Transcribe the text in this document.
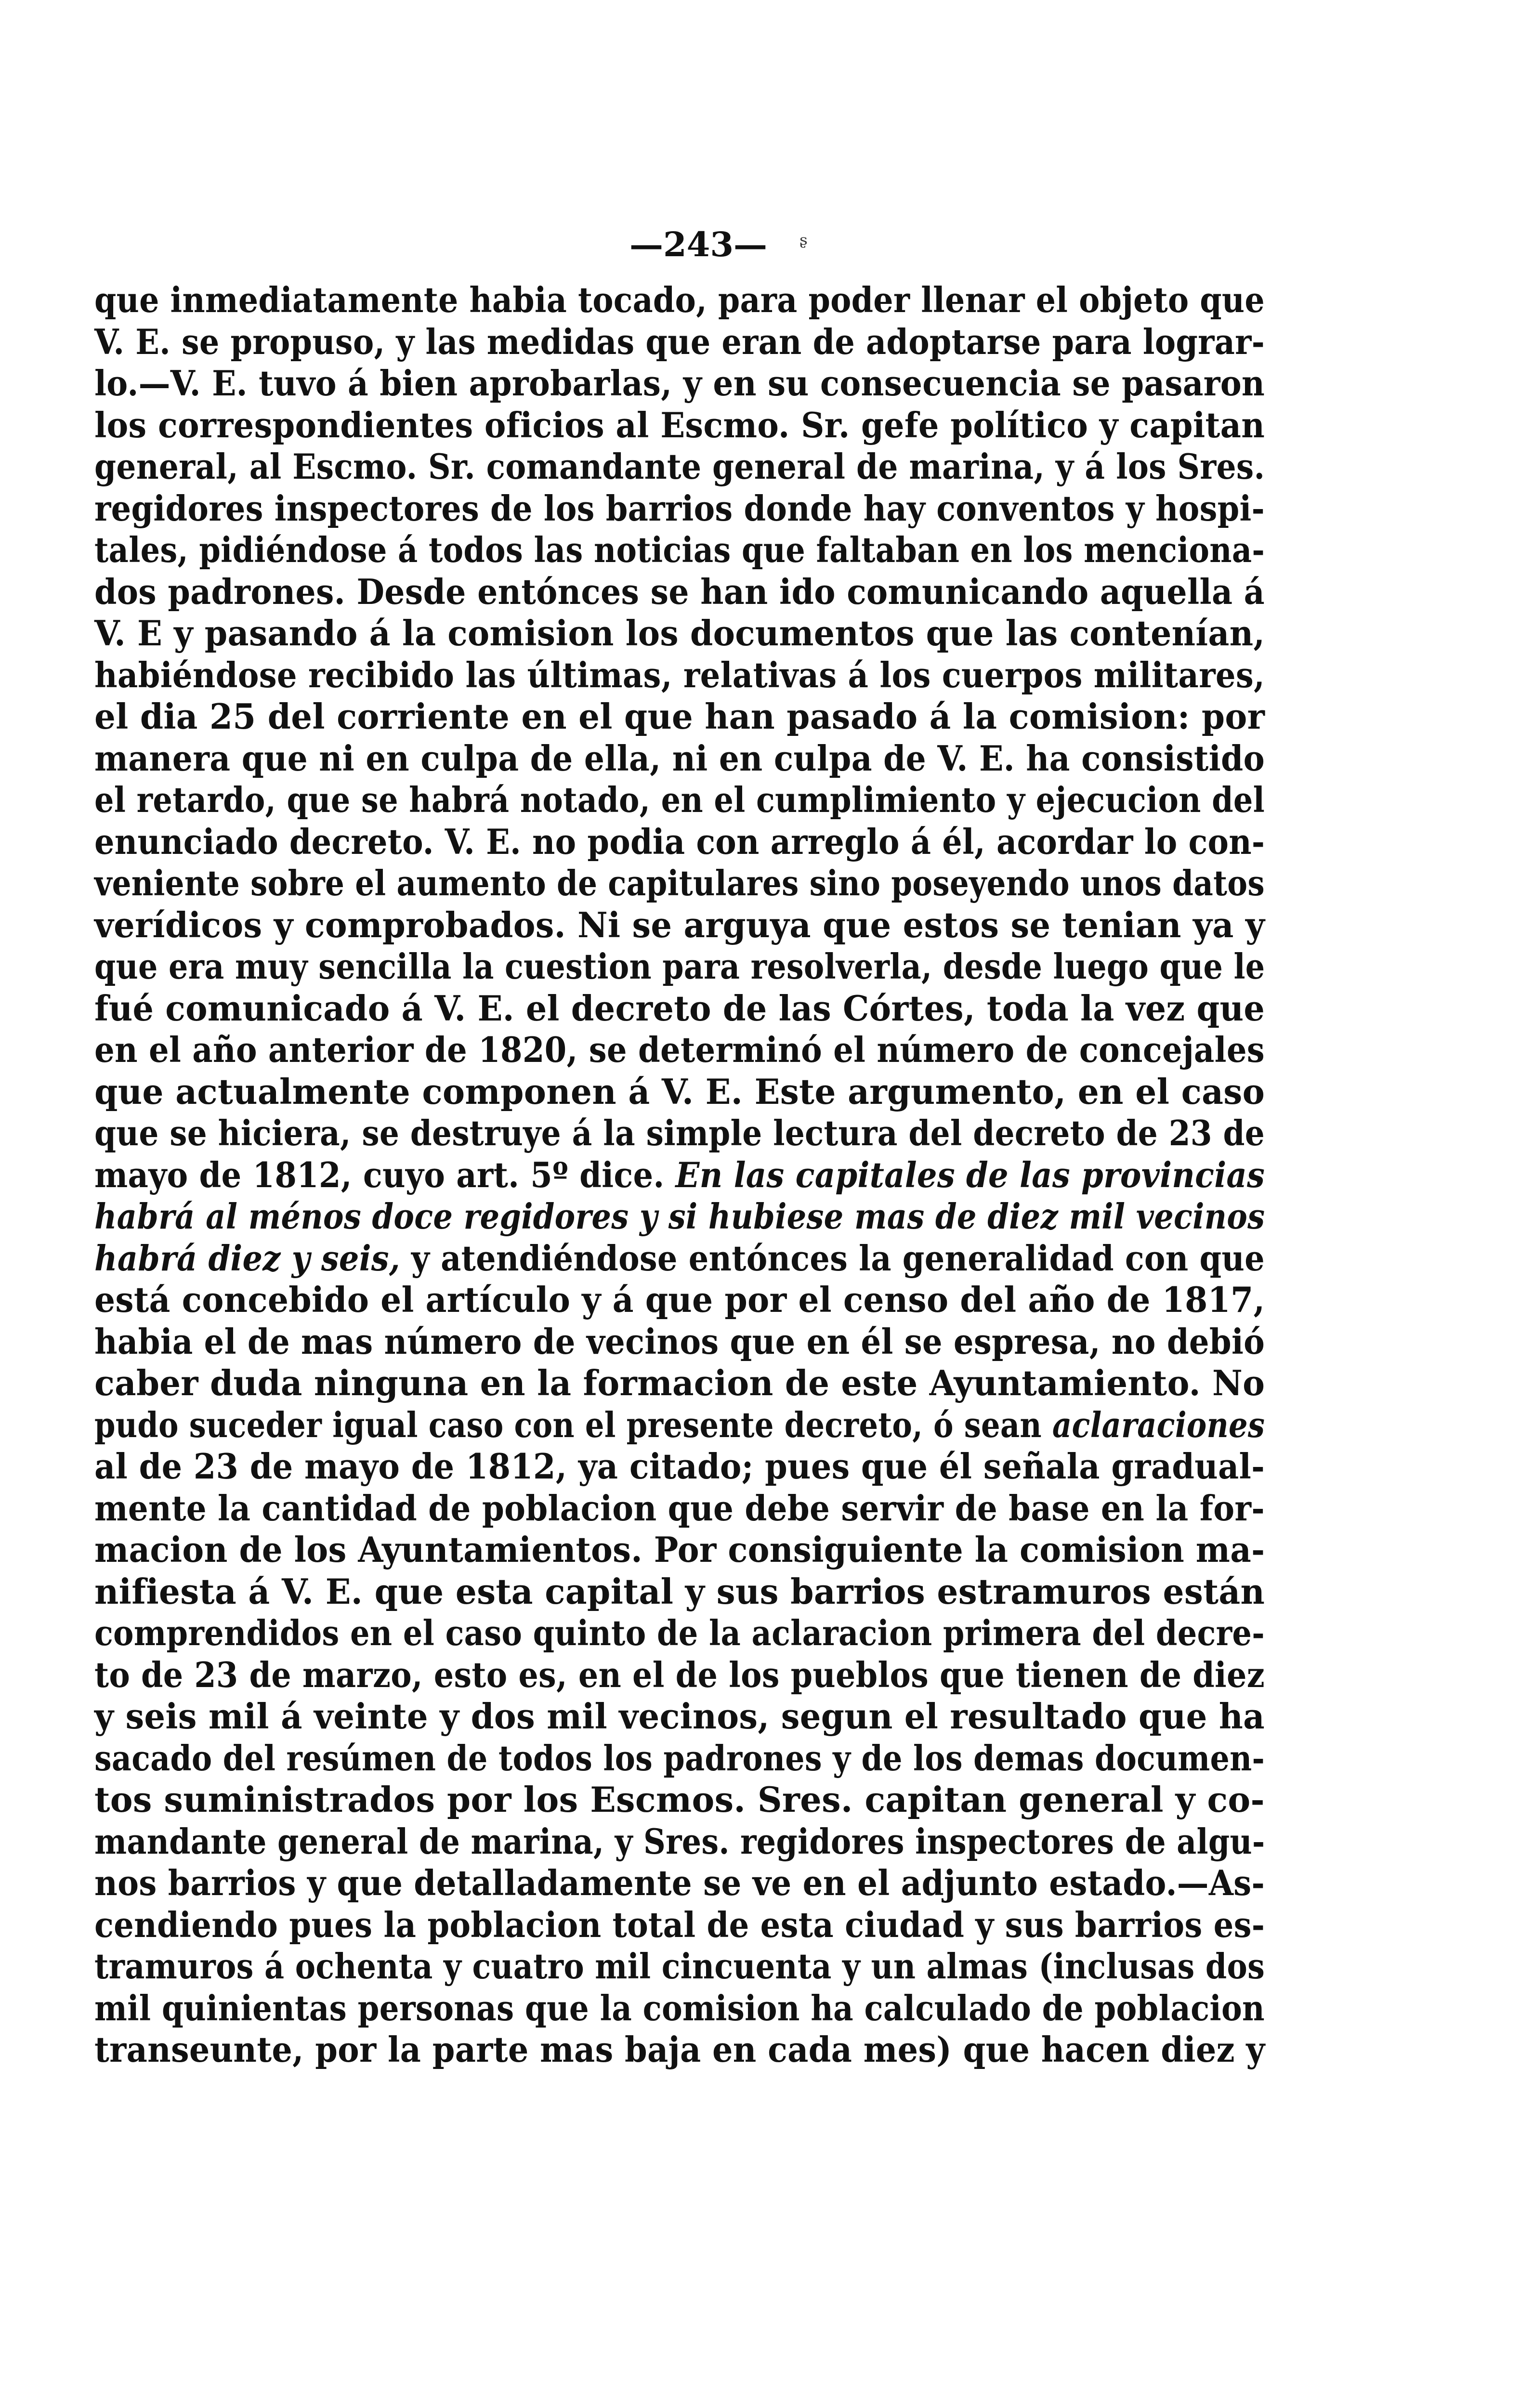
—243—
que inmediatamente habia tocado, para poder llenar el objeto que
V. E. se propuso, y las medidas que eran de adoptarse para lograr-
lo.—V. E. tuvo á bien aprobarlas, y en su consecuencia se pasaron
los correspondientes oficios al Escmo. Sr. gefe político y capitan
general, al Escmo. Sr. comandante general de marina, y á los Sres.
regidores inspectores de los barrios donde hay conventos y hospi-
tales, pidiéndose á todos las noticias que faltaban en los menciona-
dos padrones. Desde entónces se han ido comunicando aquella á
V. E y pasando á la comision los documentos que las contenían,
habiéndose recibido las últimas, relativas á los cuerpos militares,
el dia 25 del corriente en el que han pasado á la comision: por
manera que ni en culpa de ella, ni en culpa de V. E. ha consistido
el retardo, que se habrá notado, en el cumplimiento y ejecucion del
enunciado decreto. V. E. no podia con arreglo á él, acordar lo con-
veniente sobre el aumento de capitulares sino poseyendo unos datos
verídicos y comprobados. Ni se arguya que estos se tenian ya y
que era muy sencilla la cuestion para resolverla, desde luego que le
fué comunicado á V. E. el decreto de las Córtes, toda la vez que
en el año anterior de 1820, se determinó el número de concejales
que actualmente componen á V. E. Este argumento, en el caso
que se hiciera, se destruye á la simple lectura del decreto de 23 de
mayo de 1812, cuyo art. 5º dice. En las capitales de las provincias
habrá al ménos doce regidores y si hubiese mas de diez mil vecinos
habrá diez y seis, y atendiéndose entónces la generalidad con que
está concebido el artículo y á que por el censo del año de 1817,
habia el de mas número de vecinos que en él se espresa, no debió
caber duda ninguna en la formacion de este Ayuntamiento. No
pudo suceder igual caso con el presente decreto, ó sean aclaraciones
al de 23 de mayo de 1812, ya citado; pues que él señala gradual-
mente la cantidad de poblacion que debe servir de base en la for-
macion de los Ayuntamientos. Por consiguiente la comision ma-
nifiesta á V. E. que esta capital y sus barrios estramuros están
comprendidos en el caso quinto de la aclaracion primera del decre-
to de 23 de marzo, esto es, en el de los pueblos que tienen de diez
y seis mil á veinte y dos mil vecinos, segun el resultado que ha
sacado del resúmen de todos los padrones y de los demas documen-
tos suministrados por los Escmos. Sres. capitan general y co-
mandante general de marina, y Sres. regidores inspectores de algu-
nos barrios y que detalladamente se ve en el adjunto estado.—As-
cendiendo pues la poblacion total de esta ciudad y sus barrios es-
tramuros á ochenta y cuatro mil cincuenta y un almas (inclusas dos
mil quinientas personas que la comision ha calculado de poblacion
transeunte, por la parte mas baja en cada mes) que hacen diez y
ᶳ
